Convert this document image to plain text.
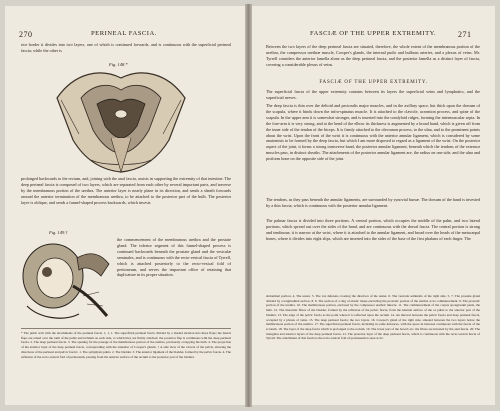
270	PERINEAL FASCIA.

rior border it divides into two layers, one of which is continued forwards, and is continuous with the superficial perineal fascia; while the other is

Fig. 148.*

prolonged backwards to the rectum, and, joining with the anal fascia, assists in supporting the extremity of that intestine. The deep perineal fascia is composed of two layers, which are separated from each other by several important parts, and traverse by the membranous portion of the urethra. The anterior layer is nearly plane in its direction, and sends a sheath forwards around the anterior termination of the membranous urethra, to be attached to the posterior part of the bulb. The posterior layer is oblique, and sends a funnel-shaped process backwards, which invests

Fig. 149.†

the commencement of the membranous urethra and the prostate gland. The inferior segment of this funnel-shaped process is continued backwards beneath the prostate gland and the vesiculæ seminales, and is continuous with the recto-vesical fascia of Tyrrell, which is attached posteriorly to the recto-vesical fold of peritoneum, and serves the important office of retaining that duplicature in its proper situation.

* The pubic arch with the attachments of the perineal fascia. 1, 1, 1. The superficial perineal fascia divided by a shaded incision into three flaps; the lateral flaps are raised over the rami of the pubis and ischium on each side, to which they are firmly attached; the posterior flap is continuous with the deep perineal fascia. 2. The deep perineal fascia. 3. The opening for the passage of the membranous portion of the urethra, previously occupying the bulb. 4. The projection of the anterior layer of the deep perineal fascia, corresponding with the situation of Cowper's glands. † A side view of the viscera of the pelvis, showing the directions of the perineal and pelvic fasciæ. 1. The symphysis pubis. 2. The bladder. 3. The anterior ligament of the bladder, formed by the pelvic fascia. 4. The reflexion of the recto-vesical fold of peritoneum, passing from the anterior surface of the rectum to the posterior part of the bladder.

FASCIÆ OF THE UPPER EXTREMITY.	271

Between the two layers of the deep perineal fascia are situated, therefore, the whole extent of the membranous portion of the urethra, the compressor urethræ muscle, Cowper's glands, the internal pudic and bulbous arteries, and a plexus of veins. Mr. Tyrrell considers the anterior lamella alone as the deep perineal fascia, and the posterior lamella as a distinct layer of fascia, covering a considerable plexus of veins.

FASCIÆ OF THE UPPER EXTREMITY.

The superficial fascia of the upper extremity contains between its layers the superficial veins and lymphatics, and the superficial nerves.

The deep fascia is thin over the deltoid and pectoralis major muscles, and in the axillary space, but thick upon the dorsum of the scapula, where it binds down the infra-spinatus muscle. It is attached to the clavicle, acromion process, and spine of the scapula. In the upper arm it is somewhat stronger, and is inserted into the condyloid ridges, forming the intermuscular septa. In the fore-arm it is very strong, and at the bend of the elbow its thickness is augmented by a broad band, which is given off from the inner side of the tendon of the biceps. It is firmly attached to the olecranon process, to the ulna, and to the prominent points about the wrist. Upon the front of the wrist it is continuous with the anterior annular ligament, which is considered by some anatomists to be formed by the deep fascia, but which I am more disposed to regard as a ligament of the wrist. On the posterior aspect of the joint, it forms a strong transverse band, the posterior annular ligament, beneath which the tendons of the extensor muscles pass, in distinct sheaths. The attachments of the posterior annular ligament are, the radius on one side, and the ulna and pisiform bone on the opposite side of the joint.

The tendons, as they pass beneath the annular ligaments, are surrounded by synovial bursæ. The dorsum of the hand is invested by a thin fascia, which is continuous with the posterior annular ligament.

The palmar fascia is divided into three portions. A central portion, which occupies the middle of the palm, and two lateral portions, which spread out over the sides of the hand, and are continuous with the dorsal fascia. The central portion is strong and tendinous; it is narrow at the wrist, where it is attached to the annular ligament, and broad over the heads of the metacarpal bones, where it divides into eight slips, which are inserted into the sides of the base of the first phalanx of each finger. The

abdominal portion. 4. The ureter. 5. The vas deferens crossing the direction of the ureter. 6. The vesicula seminalis of the right side. 5, 7. The prostate gland divided by a longitudinal section. 8, 9. The section of a ring of elastic tissue encircling the prostatic portion of the urethra at its commencement. 9. The prostatic portion of the urethra. 10. The membranous portion, enclosed by the compressor urethræ muscle. 11. The commencement of the corpus spongiosum penis, the bulb. 12. The muscular fibres of the bladder, formed by the reflexion of the pelvic fascia, from the internal surface of the os pubis to the anterior part of the bladder. 13. The edge of the pelvic fascia as the point where it is reflected upon the rectum. 14. An interval between the pelvic fascia and deep perineal fascia, occupied by a plexus of veins. 15. The deep perineal fascia; the two layers. 16. Cowper's gland of the right side, situated between the two layers below the membranous portion of the urethra. 17. The superficial perineal fascia, including in some instances, with the space in between continuous with the fascia of the scrotum. 18. The layer of the deep fascia which is prolonged to the rectum. 19. The lower part of the bowel; etc. the fibres are invested by the anal fascia. 20. The triangular and anterior layers of the deep perineal fascia. 21. The posterior layer of the deep perineal fascia, which is continuous with the recto-vesical fascia of Tyrrell. The attachment of this fascia is the recto-vesical fold of peritoneum is seen at 22.
